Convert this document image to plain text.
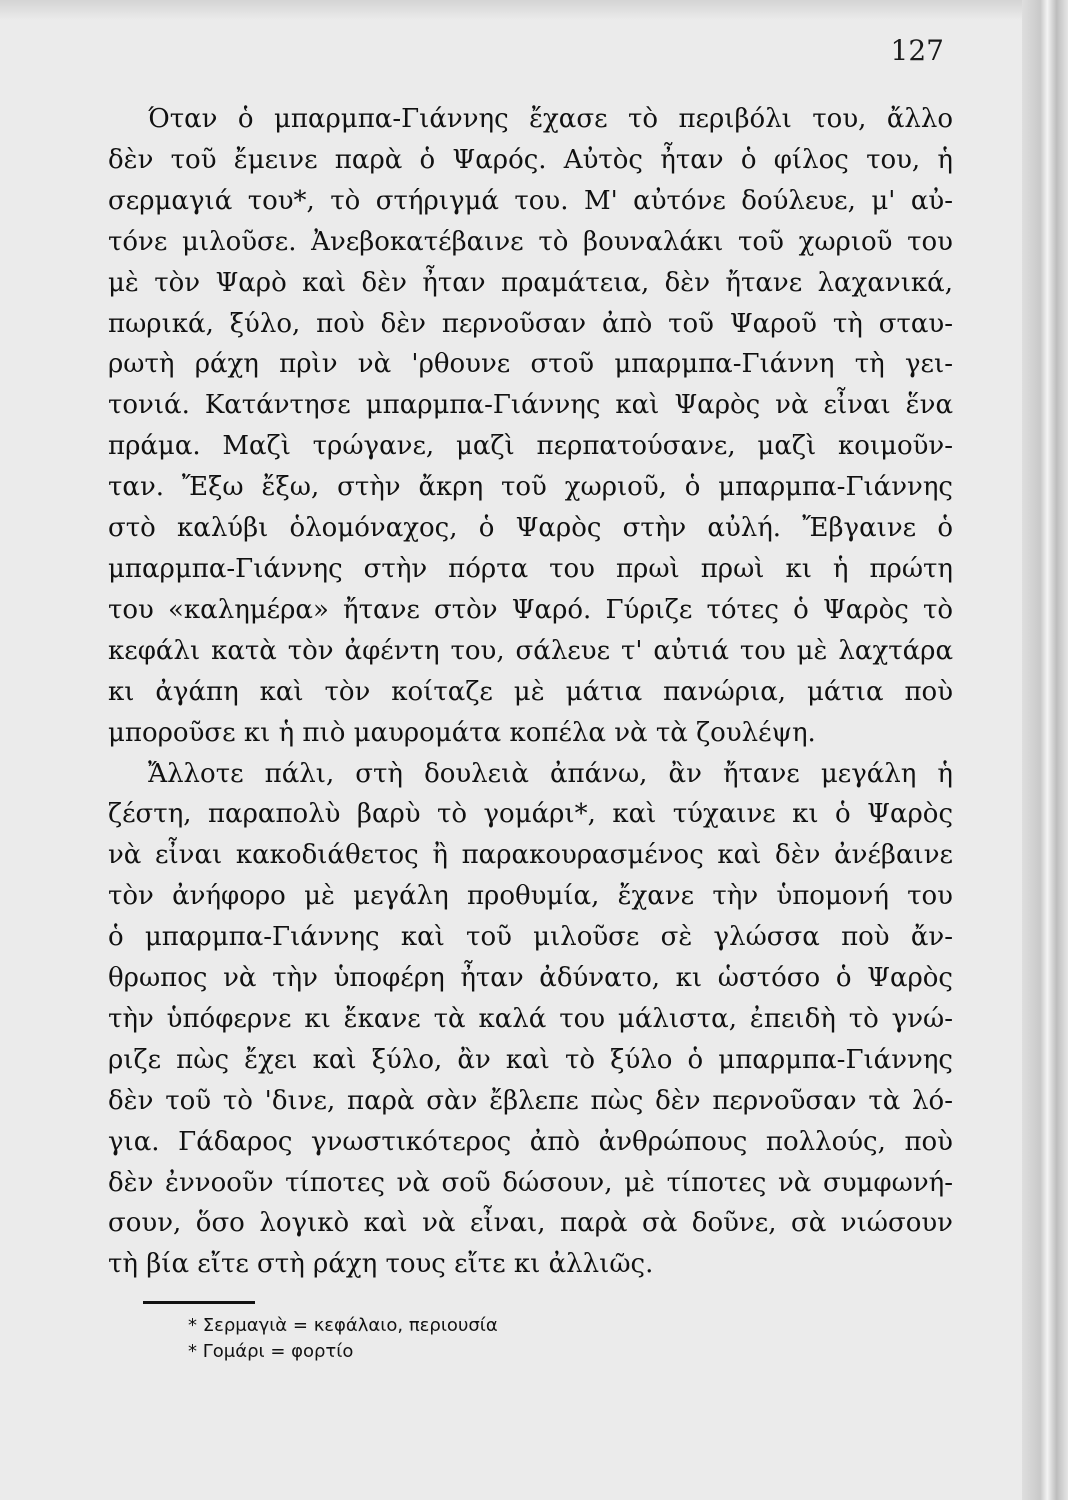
127
Όταν ὁ μπαρμπα-Γιάννης ἔχασε τὸ περιβόλι του, ἄλλο
δὲν τοῦ ἔμεινε παρὰ ὁ Ψαρός. Αὐτὸς ἦταν ὁ φίλος του, ἡ
σερμαγιά του*, τὸ στήριγμά του. Μ' αὐτόνε δούλευε, μ' αὐ-
τόνε μιλοῦσε. Ἀνεβοκατέβαινε τὸ βουναλάκι τοῦ χωριοῦ του
μὲ τὸν Ψαρὸ καὶ δὲν ἦταν πραμάτεια, δὲν ἤτανε λαχανικά,
πωρικά, ξύλο, ποὺ δὲν περνοῦσαν ἀπὸ τοῦ Ψαροῦ τὴ σταυ-
ρωτὴ ράχη πρὶν νὰ 'ρθουνε στοῦ μπαρμπα-Γιάννη τὴ γει-
τονιά. Κατάντησε μπαρμπα-Γιάννης καὶ Ψαρὸς νὰ εἶναι ἕνα
πράμα. Μαζὶ τρώγανε, μαζὶ περπατούσανε, μαζὶ κοιμοῦν-
ταν. Ἔξω ἔξω, στὴν ἄκρη τοῦ χωριοῦ, ὁ μπαρμπα-Γιάννης
στὸ καλύβι ὁλομόναχος, ὁ Ψαρὸς στὴν αὐλή. Ἔβγαινε ὁ
μπαρμπα-Γιάννης στὴν πόρτα του πρωὶ πρωὶ κι ἡ πρώτη
του «καλημέρα» ἤτανε στὸν Ψαρό. Γύριζε τότες ὁ Ψαρὸς τὸ
κεφάλι κατὰ τὸν ἀφέντη του, σάλευε τ' αὐτιά του μὲ λαχτάρα
κι ἀγάπη καὶ τὸν κοίταζε μὲ μάτια πανώρια, μάτια ποὺ
μποροῦσε κι ἡ πιὸ μαυρομάτα κοπέλα νὰ τὰ ζουλέψη.
Ἄλλοτε πάλι, στὴ δουλειὰ ἀπάνω, ἂν ἤτανε μεγάλη ἡ
ζέστη, παραπολὺ βαρὺ τὸ γομάρι*, καὶ τύχαινε κι ὁ Ψαρὸς
νὰ εἶναι κακοδιάθετος ἢ παρακουρασμένος καὶ δὲν ἀνέβαινε
τὸν ἀνήφορο μὲ μεγάλη προθυμία, ἔχανε τὴν ὑπομονή του
ὁ μπαρμπα-Γιάννης καὶ τοῦ μιλοῦσε σὲ γλώσσα ποὺ ἄν-
θρωπος νὰ τὴν ὑποφέρη ἦταν ἀδύνατο, κι ὡστόσο ὁ Ψαρὸς
τὴν ὑπόφερνε κι ἔκανε τὰ καλά του μάλιστα, ἐπειδὴ τὸ γνώ-
ριζε πὼς ἔχει καὶ ξύλο, ἂν καὶ τὸ ξύλο ὁ μπαρμπα-Γιάννης
δὲν τοῦ τὸ 'δινε, παρὰ σὰν ἔβλεπε πὼς δὲν περνοῦσαν τὰ λό-
για. Γάδαρος γνωστικότερος ἀπὸ ἀνθρώπους πολλούς, ποὺ
δὲν ἐννοοῦν τίποτες νὰ σοῦ δώσουν, μὲ τίποτες νὰ συμφωνή-
σουν, ὅσο λογικὸ καὶ νὰ εἶναι, παρὰ σὰ δοῦνε, σὰ νιώσουν
τὴ βία εἴτε στὴ ράχη τους εἴτε κι ἀλλιῶς.
* Σερμαγιὰ = κεφάλαιο, περιουσία
* Γομάρι = φορτίο
